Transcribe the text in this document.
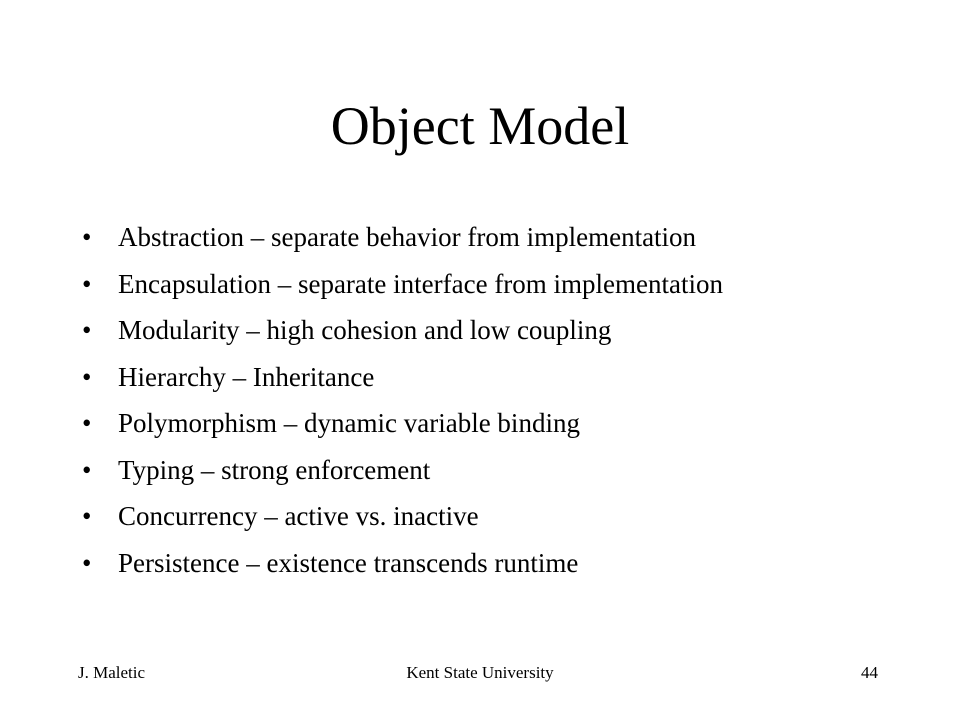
Object Model
• Abstraction – separate behavior from implementation
• Encapsulation – separate interface from implementation
• Modularity – high cohesion and low coupling
• Hierarchy – Inheritance
• Polymorphism – dynamic variable binding
• Typing – strong enforcement
• Concurrency – active vs. inactive
• Persistence – existence transcends runtime
J. Maletic	Kent State University	44
